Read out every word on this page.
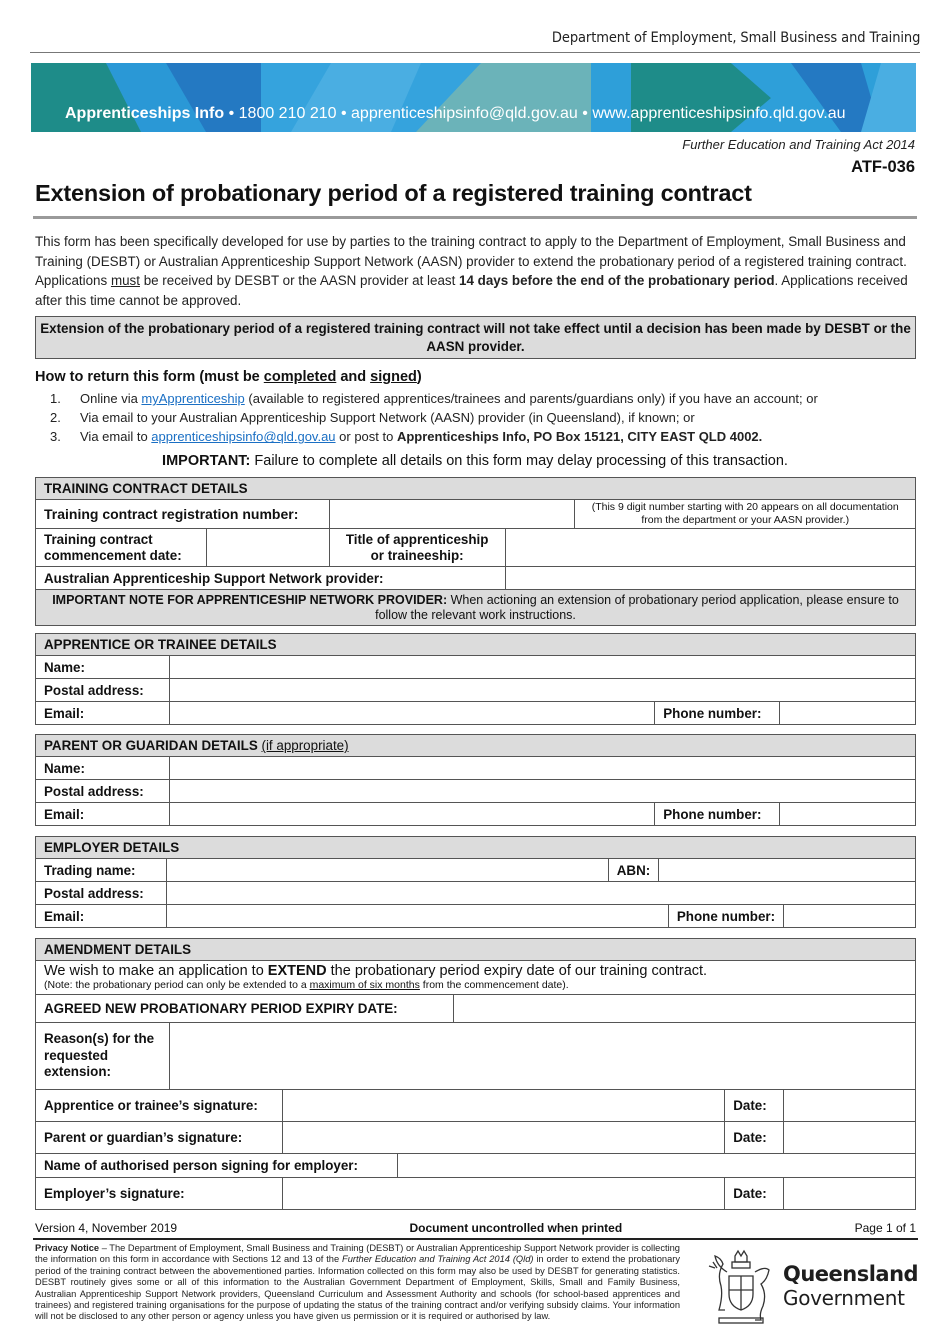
Department of Employment, Small Business and Training
Apprenticeships Info • 1800 210 210 • apprenticeshipsinfo@qld.gov.au • www.apprenticeshipsinfo.qld.gov.au
Further Education and Training Act 2014
ATF-036
Extension of probationary period of a registered training contract

This form has been specifically developed for use by parties to the training contract to apply to the Department of Employment, Small Business and Training (DESBT) or Australian Apprenticeship Support Network (AASN) provider to extend the probationary period of a registered training contract. Applications must be received by DESBT or the AASN provider at least 14 days before the end of the probationary period. Applications received after this time cannot be approved.

Extension of the probationary period of a registered training contract will not take effect until a decision has been made by DESBT or the AASN provider.
How to return this form (must be completed and signed)
1.	Online via myApprenticeship (available to registered apprentices/trainees and parents/guardians only) if you have an account; or
2.	Via email to your Australian Apprenticeship Support Network (AASN) provider (in Queensland), if known; or
3.	Via email to apprenticeshipsinfo@qld.gov.au or post to Apprenticeships Info, PO Box 15121, CITY EAST QLD 4002.
IMPORTANT: Failure to complete all details on this form may delay processing of this transaction.
TRAINING CONTRACT DETAILS				
Training contract registration number:				(This 9 digit number starting with 20 appears on all documentation from the department or your AASN provider.)
Training contract commencement date:		Title of apprenticeship or traineeship:		
Australian Apprenticeship Support Network provider:				
IMPORTANT NOTE FOR APPRENTICESHIP NETWORK PROVIDER: When actioning an extension of probationary period application, please ensure to follow the relevant work instructions.				
APPRENTICE OR TRAINEE DETAILS			
Name:			
Postal address:			
Email:		Phone number:	
PARENT OR GUARIDAN DETAILS (if appropriate)			
Name:			
Postal address:			
Email:		Phone number:	
EMPLOYER DETAILS					
Trading name:		ABN:			
Postal address:					
Email:				Phone number:	
AMENDMENT DETAILS						

We wish to make an application to EXTEND the probationary period expiry date of our training contract.
(Note: the probationary period can only be extended to a maximum of six months from the commencement date).						

AGREED NEW PROBATIONARY PERIOD EXPIRY DATE:						
Reason(s) for the requested extension:						
Apprentice or trainee’s signature:					Date:	
Parent or guardian’s signature:					Date:	
Name of authorised person signing for employer:						
Employer’s signature:					Date:	
Version 4, November 2019	Document uncontrolled when printed	Page 1 of 1

Privacy Notice – The Department of Employment, Small Business and Training (DESBT) or Australian Apprenticeship Support Network provider is collecting the information on this form in accordance with Sections 12 and 13 of the Further Education and Training Act 2014 (Qld) in order to extend the probationary period of the training contract between the abovementioned parties. Information collected on this form may also be used by DESBT for generating statistics. DESBT routinely gives some or all of this information to the Australian Government Department of Employment, Skills, Small and Family Business, Australian Apprenticeship Support Network providers, Queensland Curriculum and Assessment Authority and schools (for school-based apprentices and trainees) and registered training organisations for the purpose of updating the status of the training contract and/or verifying subsidy claims. Your information will not be disclosed to any other person or agency unless you have given us permission or it is required or authorised by law.

Queensland
Government
